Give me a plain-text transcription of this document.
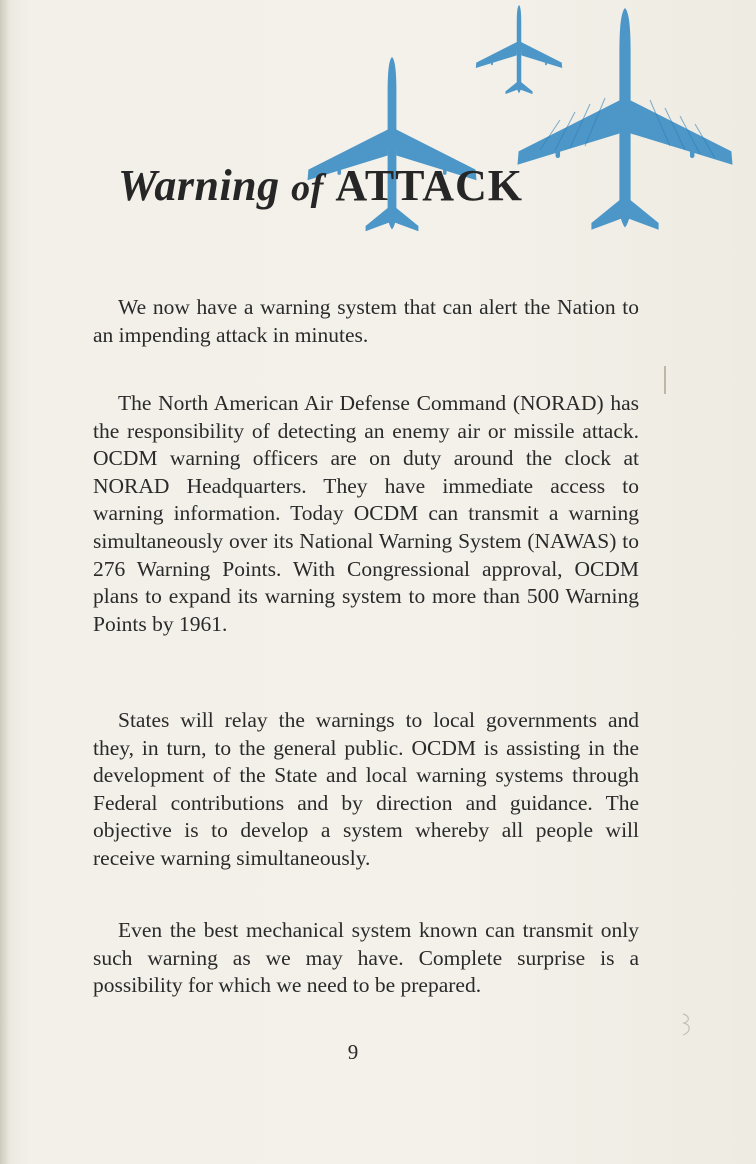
Warning of ATTACK

We now have a warning system that can alert the Nation to an impending attack in minutes.

The North American Air Defense Command (NORAD) has the responsibility of detecting an enemy air or missile attack. OCDM warning officers are on duty around the clock at NORAD Headquarters. They have immediate access to warning information. Today OCDM can transmit a warning simultaneously over its National Warning System (NAWAS) to 276 Warning Points. With Congressional approval, OCDM plans to expand its warning system to more than 500 Warning Points by 1961.

States will relay the warnings to local governments and they, in turn, to the general public. OCDM is assisting in the development of the State and local warning systems through Federal contributions and by direction and guidance. The objective is to develop a system whereby all people will receive warning simultaneously.

Even the best mechanical system known can transmit only such warning as we may have. Complete surprise is a possibility for which we need to be prepared.

9
